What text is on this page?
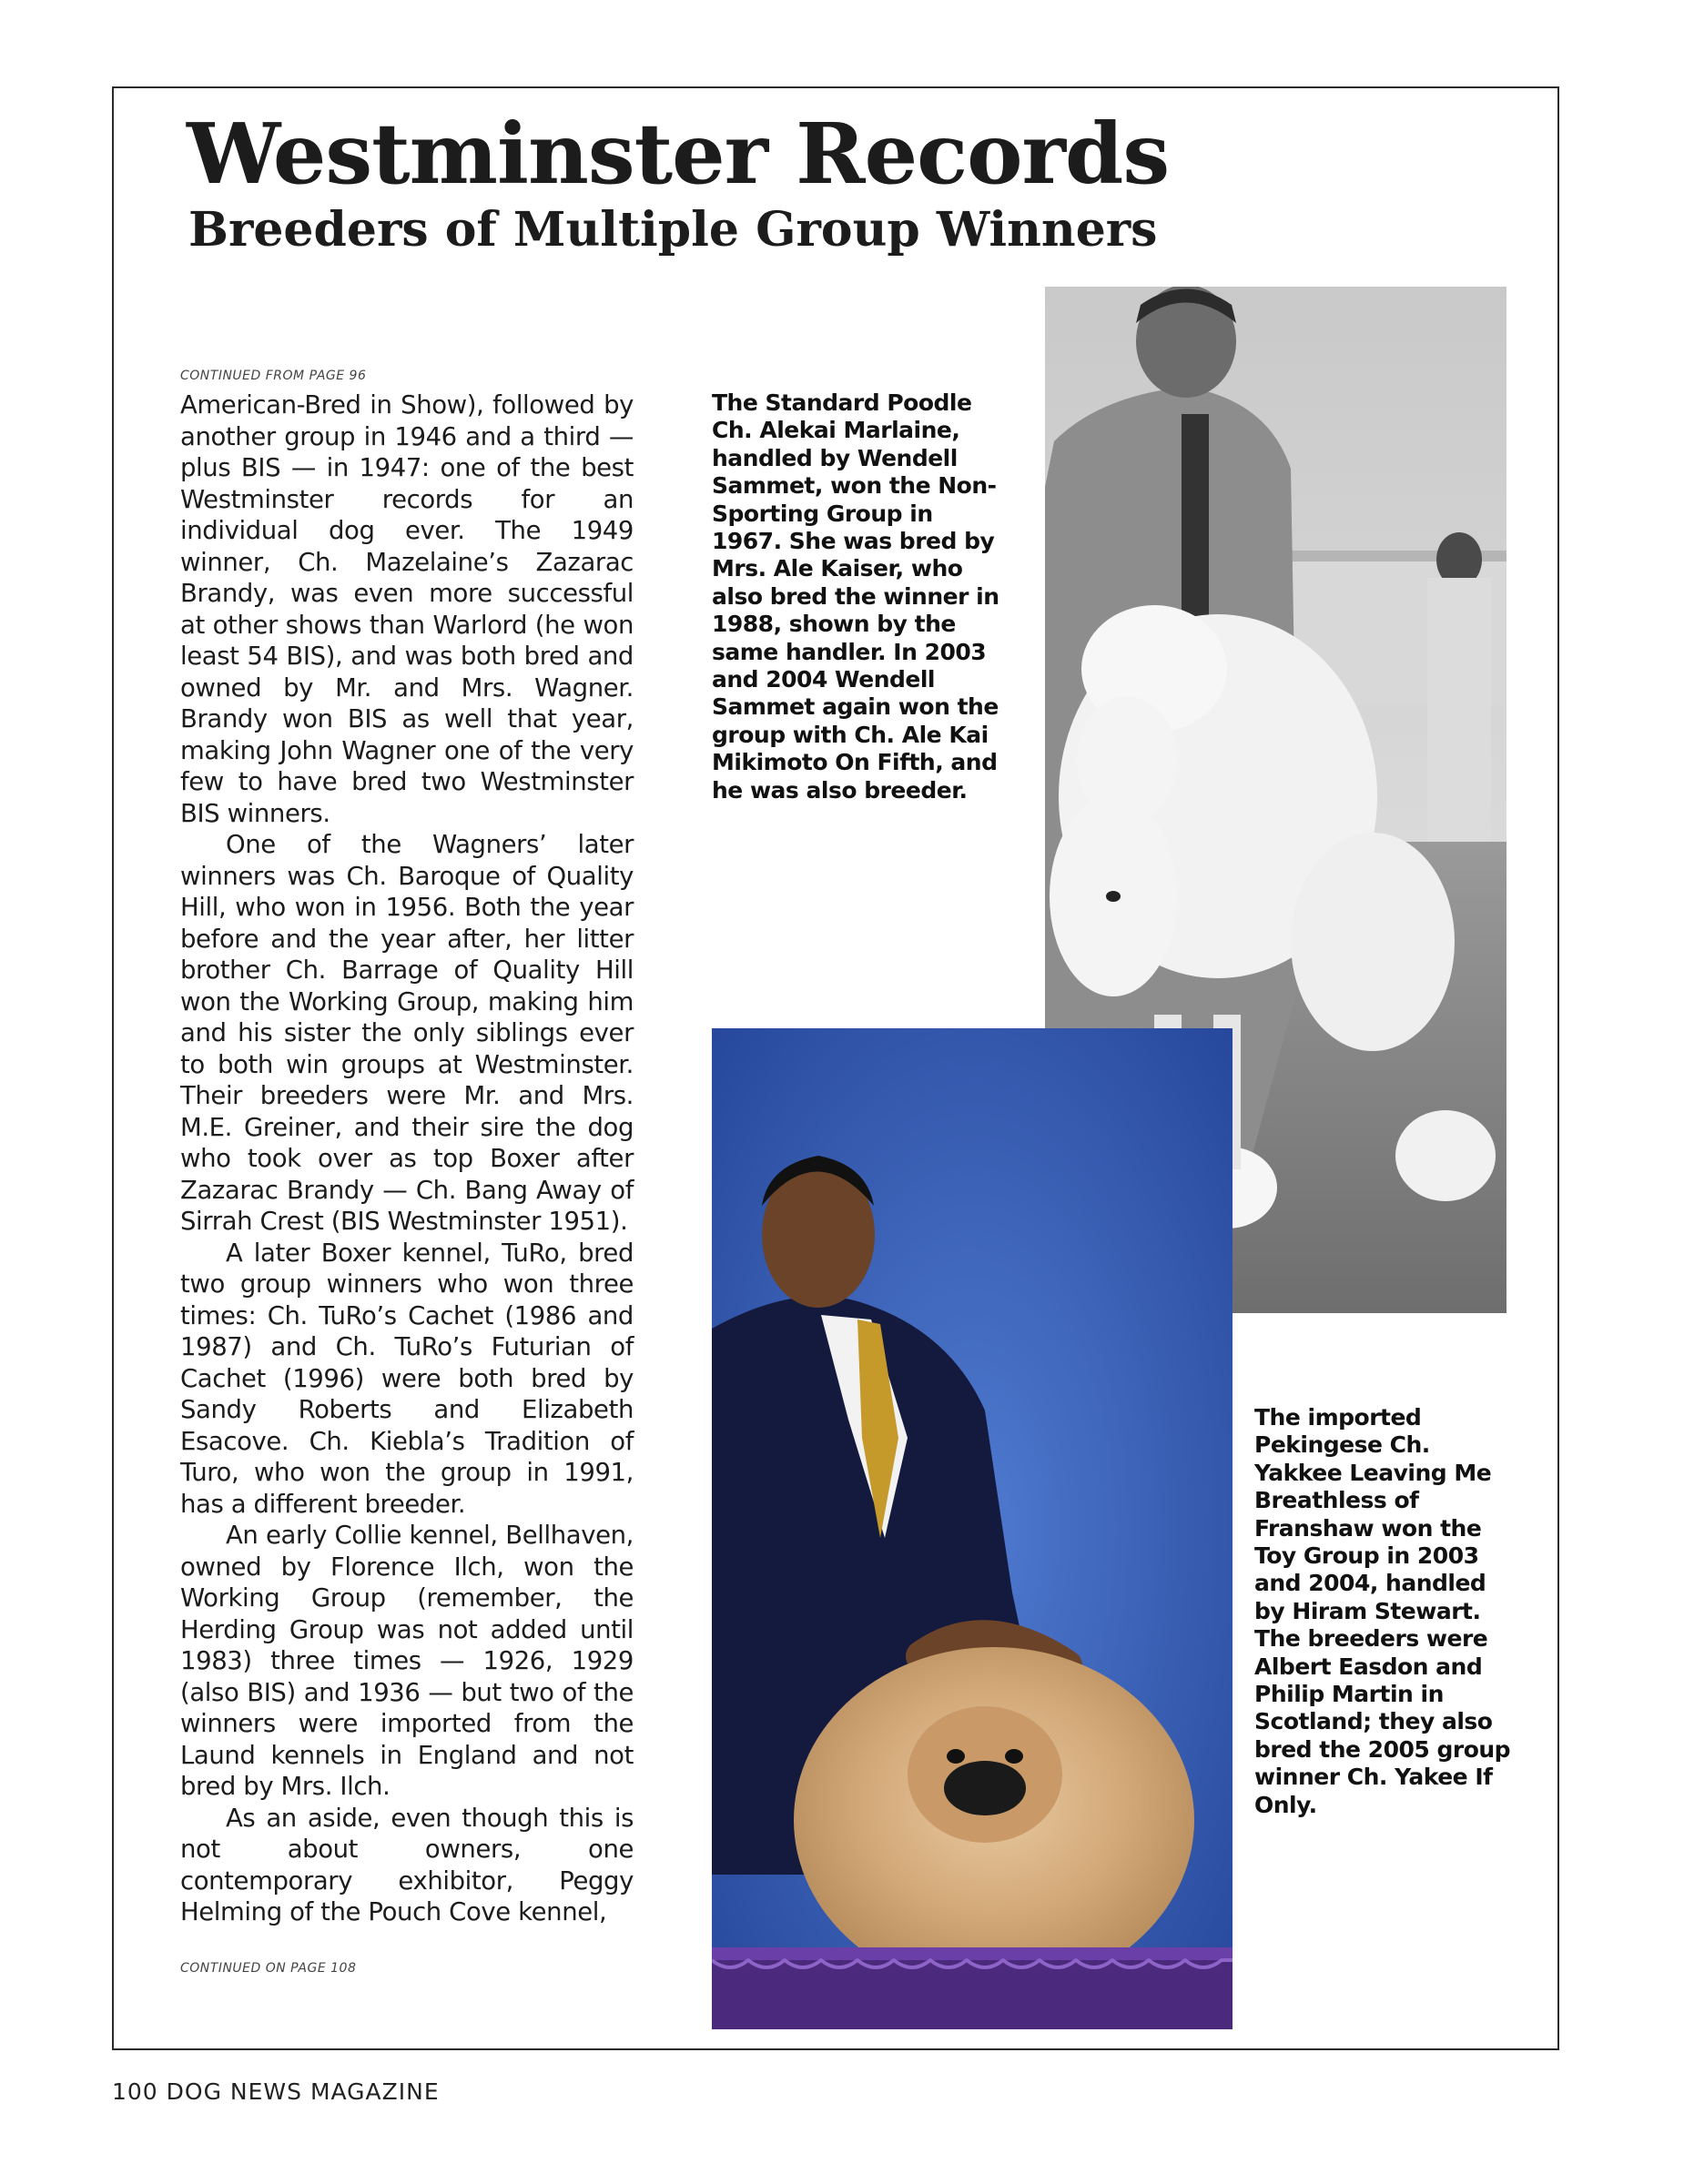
Westminster Records
Breeders of Multiple Group Winners
CONTINUED FROM PAGE 96

American-Bred in Show), followed by another group in 1946 and a third — plus BIS — in 1947: one of the best Westminster records for an individual dog ever. The 1949 winner, Ch. Mazelaine’s Zazarac Brandy, was even more successful at other shows than Warlord (he won least 54 BIS), and was both bred and owned by Mr. and Mrs. Wagner. Brandy won BIS as well that year, making John Wagner one of the very few to have bred two Westminster BIS winners.

One of the Wagners’ later winners was Ch. Baroque of Quality Hill, who won in 1956. Both the year before and the year after, her litter brother Ch. Barrage of Quality Hill won the Working Group, making him and his sister the only siblings ever to both win groups at Westminster. Their breeders were Mr. and Mrs. M.E. Greiner, and their sire the dog who took over as top Boxer after Zazarac Brandy — Ch. Bang Away of Sirrah Crest (BIS Westminster 1951).

A later Boxer kennel, TuRo, bred two group winners who won three times: Ch. TuRo’s Cachet (1986 and 1987) and Ch. TuRo’s Futurian of Cachet (1996) were both bred by Sandy Roberts and Elizabeth Esacove. Ch. Kiebla’s Tradition of Turo, who won the group in 1991, has a different breeder.

An early Collie kennel, Bellhaven, owned by Florence Ilch, won the Working Group (remember, the Herding Group was not added until 1983) three times — 1926, 1929 (also BIS) and 1936 — but two of the winners were imported from the Laund kennels in England and not bred by Mrs. Ilch.

As an aside, even though this is not about owners, one contemporary exhibitor, Peggy Helming of the Pouch Cove kennel,

CONTINUED ON PAGE 108
The Standard Poodle Ch. Alekai Marlaine, handled by Wendell Sammet, won the Non-Sporting Group in 1967. She was bred by Mrs. Ale Kaiser, who also bred the winner in 1988, shown by the same handler. In 2003 and 2004 Wendell Sammet again won the group with Ch. Ale Kai Mikimoto On Fifth, and he was also breeder.
The imported Pekingese Ch. Yakkee Leaving Me Breathless of Franshaw won the Toy Group in 2003 and 2004, handled by Hiram Stewart. The breeders were Albert Easdon and Philip Martin in Scotland; they also bred the 2005 group winner Ch. Yakee If Only.
100 DOG NEWS MAGAZINE
